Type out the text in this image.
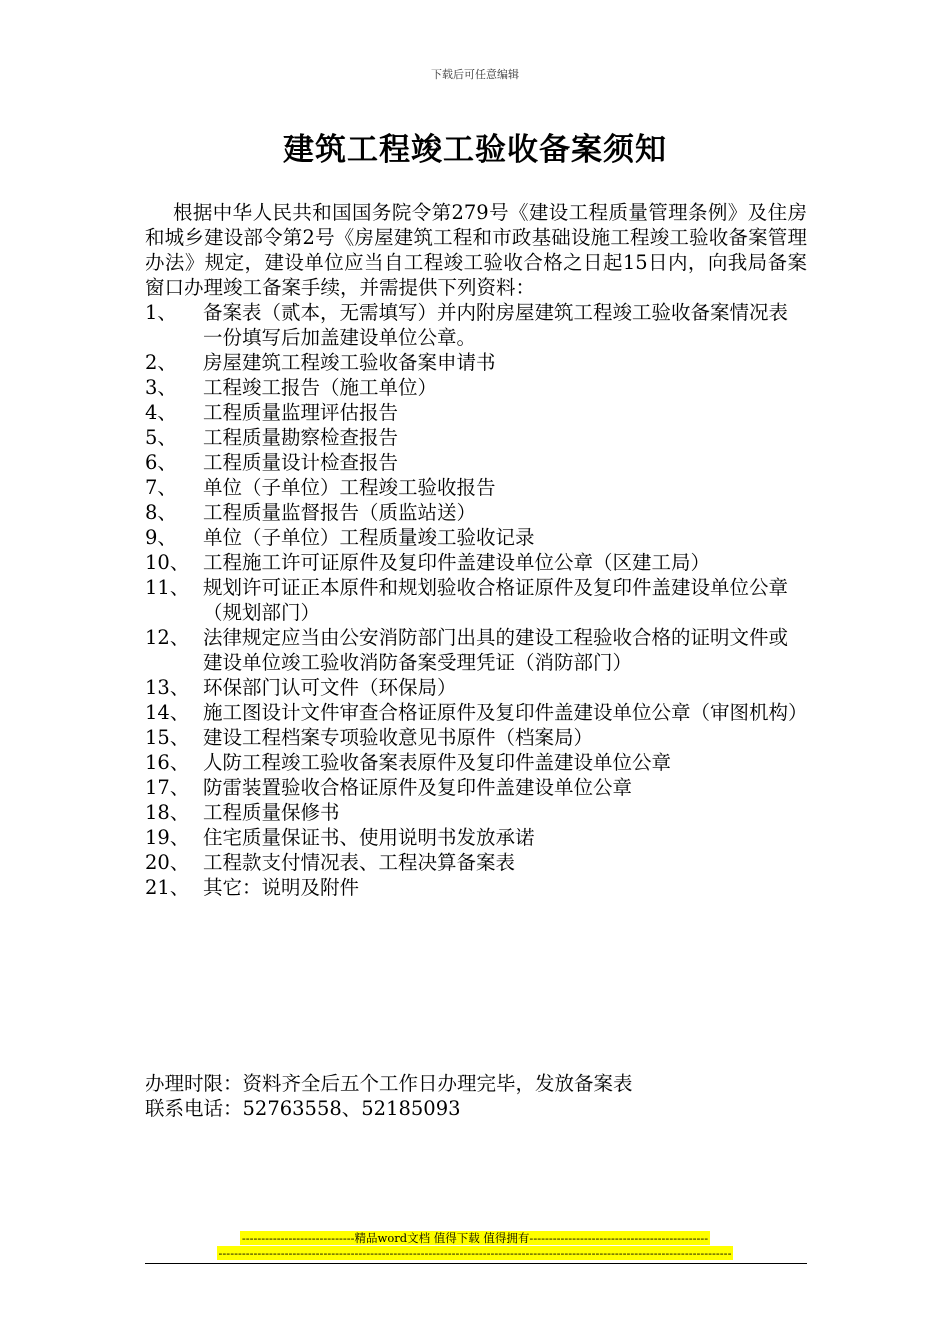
下载后可任意编辑
建筑工程竣工验收备案须知

根据中华人民共和国国务院令第279号《建设工程质量管理条例》及住房和城乡建设部令第2号《房屋建筑工程和市政基础设施工程竣工验收备案管理办法》规定，建设单位应当自工程竣工验收合格之日起15日内，向我局备案窗口办理竣工备案手续，并需提供下列资料：

1、	备案表（贰本，无需填写）并内附房屋建筑工程竣工验收备案情况表一份填写后加盖建设单位公章。
2、	房屋建筑工程竣工验收备案申请书
3、	工程竣工报告（施工单位）
4、	工程质量监理评估报告
5、	工程质量勘察检查报告
6、	工程质量设计检查报告
7、	单位（子单位）工程竣工验收报告
8、	工程质量监督报告（质监站送）
9、	单位（子单位）工程质量竣工验收记录
10、 工程施工许可证原件及复印件盖建设单位公章（区建工局）
11、 规划许可证正本原件和规划验收合格证原件及复印件盖建设单位公章（规划部门）
12、 法律规定应当由公安消防部门出具的建设工程验收合格的证明文件或建设单位竣工验收消防备案受理凭证（消防部门）
13、 环保部门认可文件（环保局）
14、 施工图设计文件审查合格证原件及复印件盖建设单位公章（审图机构）
15、 建设工程档案专项验收意见书原件（档案局）
16、 人防工程竣工验收备案表原件及复印件盖建设单位公章
17、 防雷装置验收合格证原件及复印件盖建设单位公章
18、 工程质量保修书
19、 住宅质量保证书、使用说明书发放承诺
20、 工程款支付情况表、工程决算备案表
21、 其它：说明及附件

办理时限：资料齐全后五个工作日办理完毕，发放备案表

联系电话：52763558、52185093

-----------------------------精品word文档 值得下载 值得拥有----------------------------------------------
------------------------------------------------------------------------------------------------------------------------------------
